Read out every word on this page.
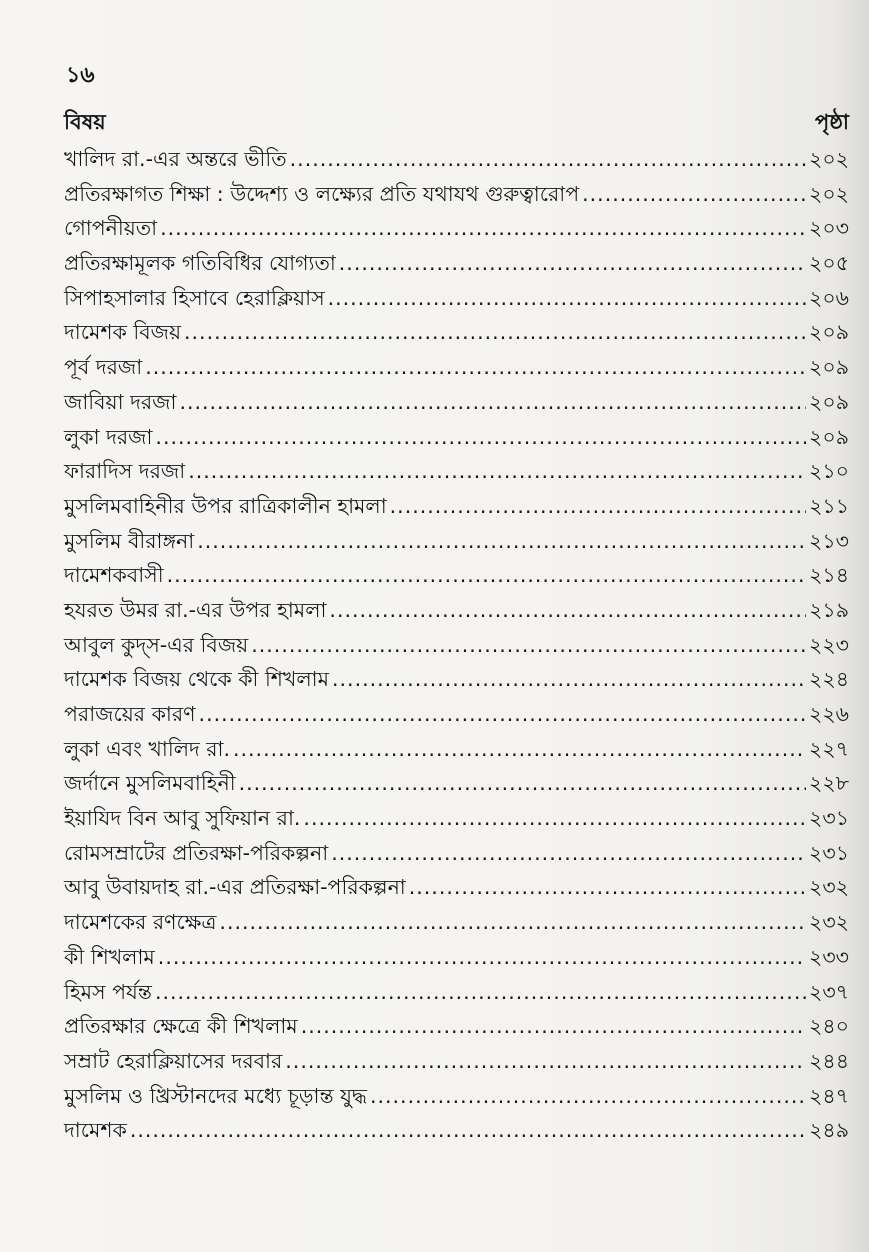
১৬
বিষয়	পৃষ্ঠা
খালিদ রা.-এর অন্তরে ভীতি .....	২০২
প্রতিরক্ষাগত শিক্ষা : উদ্দেশ্য ও লক্ষ্যের প্রতি যথাযথ গুরুত্বারোপ .....	২০২
গোপনীয়তা .....	২০৩
প্রতিরক্ষামূলক গতিবিধির যোগ্যতা .....	২০৫
সিপাহসালার হিসাবে হেরাক্লিয়াস .....	২০৬
দামেশক বিজয় .....	২০৯
পূর্ব দরজা .....	২০৯
জাবিয়া দরজা .....	২০৯
লুকা দরজা .....	২০৯
ফারাদিস দরজা .....	২১০
মুসলিমবাহিনীর উপর রাত্রিকালীন হামলা .....	২১১
মুসলিম বীরাঙ্গনা .....	২১৩
দামেশকবাসী .....	২১৪
হযরত উমর রা.-এর উপর হামলা .....	২১৯
আবুল কুদ্স-এর বিজয় .....	২২৩
দামেশক বিজয় থেকে কী শিখলাম .....	২২৪
পরাজয়ের কারণ .....	২২৬
লুকা এবং খালিদ রা. .....	২২৭
জর্দানে মুসলিমবাহিনী .....	২২৮
ইয়াযিদ বিন আবু সুফিয়ান রা. .....	২৩১
রোমসম্রাটের প্রতিরক্ষা-পরিকল্পনা .....	২৩১
আবু উবায়দাহ রা.-এর প্রতিরক্ষা-পরিকল্পনা .....	২৩২
দামেশকের রণক্ষেত্র .....	২৩২
কী শিখলাম .....	২৩৩
হিমস পর্যন্ত .....	২৩৭
প্রতিরক্ষার ক্ষেত্রে কী শিখলাম .....	২৪০
সম্রাট হেরাক্লিয়াসের দরবার .....	২৪৪
মুসলিম ও খ্রিস্টানদের মধ্যে চূড়ান্ত যুদ্ধ .....	২৪৭
দামেশক .....	২৪৯
